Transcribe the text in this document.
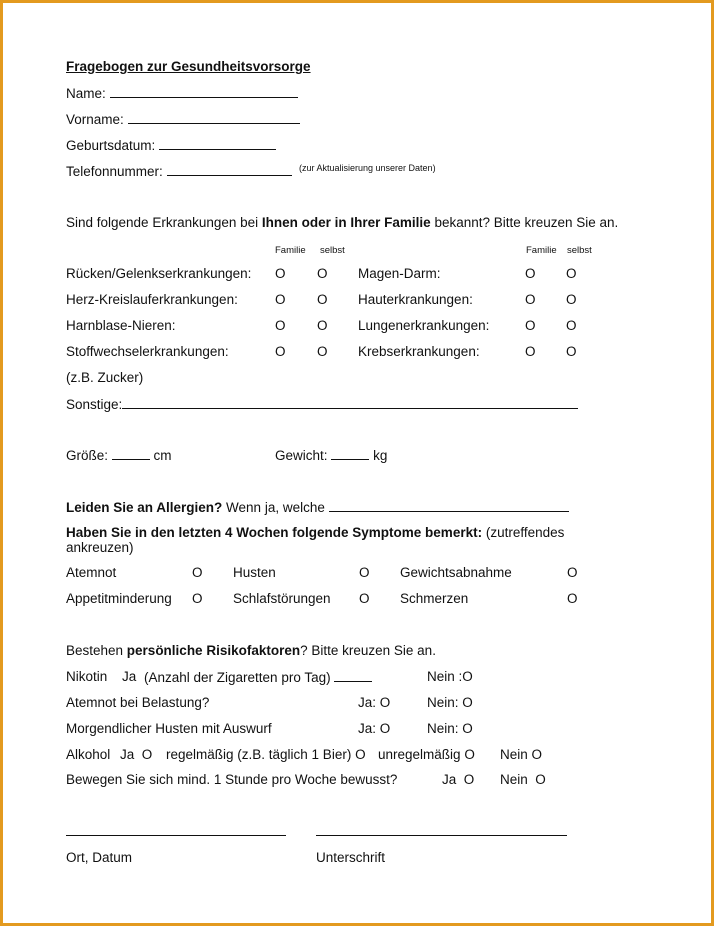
Fragebogen zur Gesundheitsvorsorge
Name:
Vorname:
Geburtsdatum:
Telefonnummer:	(zur Aktualisierung unserer Daten)
Sind folgende Erkrankungen bei Ihnen oder in Ihrer Familie bekannt? Bitte kreuzen Sie an.
Familie selbst	Familie selbst
Rücken/Gelenkserkrankungen: O O Magen-Darm:	O O
Herz-Kreislauferkrankungen:	O O Hauterkrankungen:	O O
Harnblase-Nieren:	O O Lungenerkrankungen:	O O
Stoffwechselerkrankungen:	O O Krebserkrankungen:	O O
(z.B. Zucker)
Sonstige:
Größe:	cm	Gewicht:	kg
Leiden Sie an Allergien? Wenn ja, welche
Haben Sie in den letzten 4 Wochen folgende Symptome bemerkt: (zutreffendes
ankreuzen)
Atemnot	O Husten	O Gewichtsabnahme	O
Appetitminderung O Schlafstörungen O Schmerzen	O
Bestehen persönliche Risikofaktoren? Bitte kreuzen Sie an.
Nikotin Ja (Anzahl der Zigaretten pro Tag)	Nein :O
Atemnot bei Belastung?	Ja: O	Nein: O
Morgendlicher Husten mit Auswurf	Ja: O	Nein: O
Alkohol Ja O regelmäßig (z.B. täglich 1 Bier) O unregelmäßig O Nein O
Bewegen Sie sich mind. 1 Stunde pro Woche bewusst?	Ja O Nein O
Ort, Datum	Unterschrift
